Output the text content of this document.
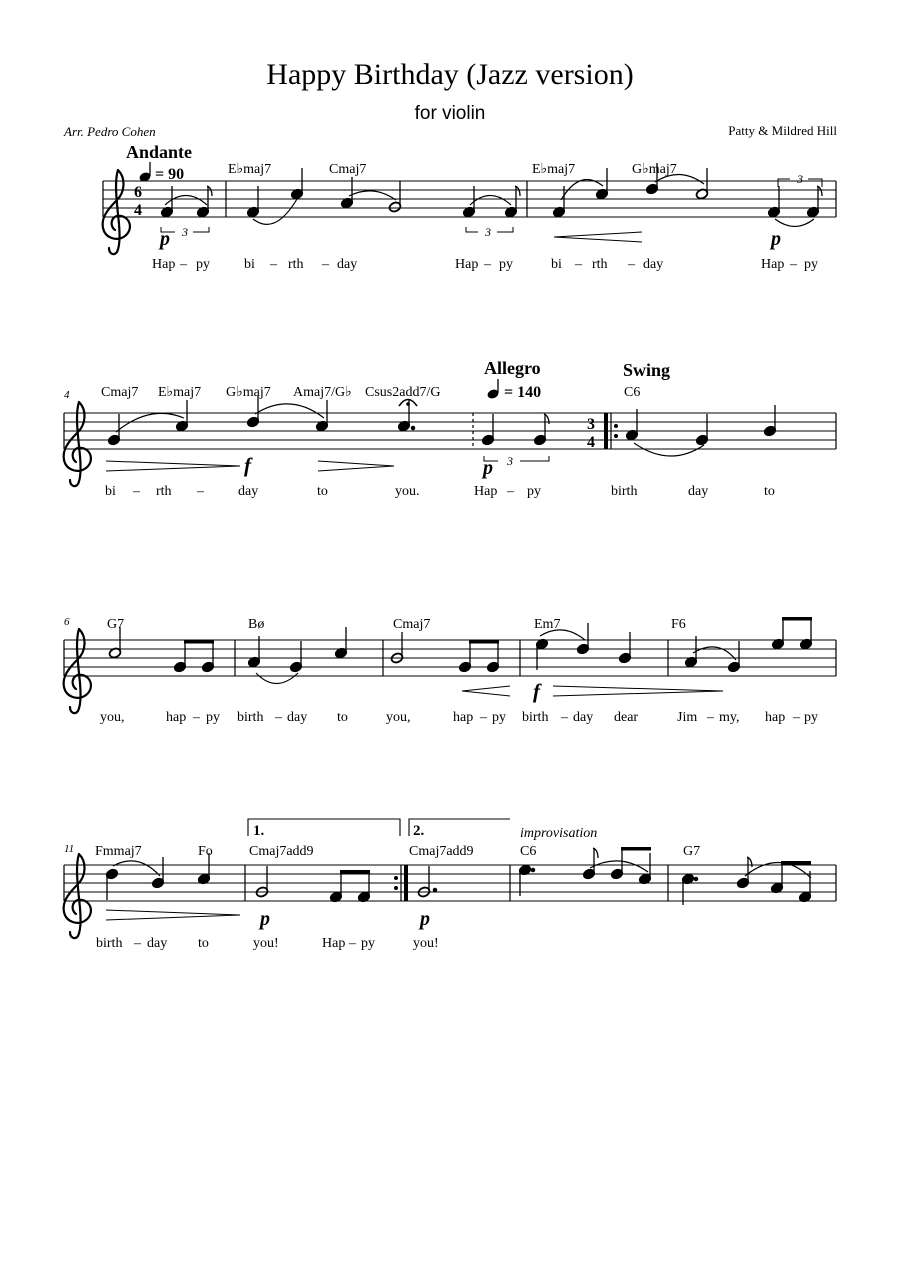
Happy Birthday (Jazz version)
for violin
Arr. Pedro Cohen	Patty & Mildred Hill
6
4
Andante
= 90	E♭maj7	Cmaj7	E♭maj7	G♭maj7
3	3
3
p	p
Hap – py bi – rth – day	Hap – py	bi – rth – day	Hap – py
4
3
4
Allegro
= 140
Swing
Cmaj7 E♭maj7 G♭maj7 Amaj7/G♭ Csus2add7/G	C6
3
f	p
bi – rth – day	to	you.	Hap – py	birth	day	to
6	G7	Bø	Cmaj7	Em7	F6
f
you,	hap – py birth – day to	you,	hap – py birth – day dear	Jim – my, hap – py
11
1.	2.	improvisation
Fmmaj7	Fo	Cmaj7add9	Cmaj7add9	C6	G7
p	p
birth – day to	you!	Hap – py	you!
